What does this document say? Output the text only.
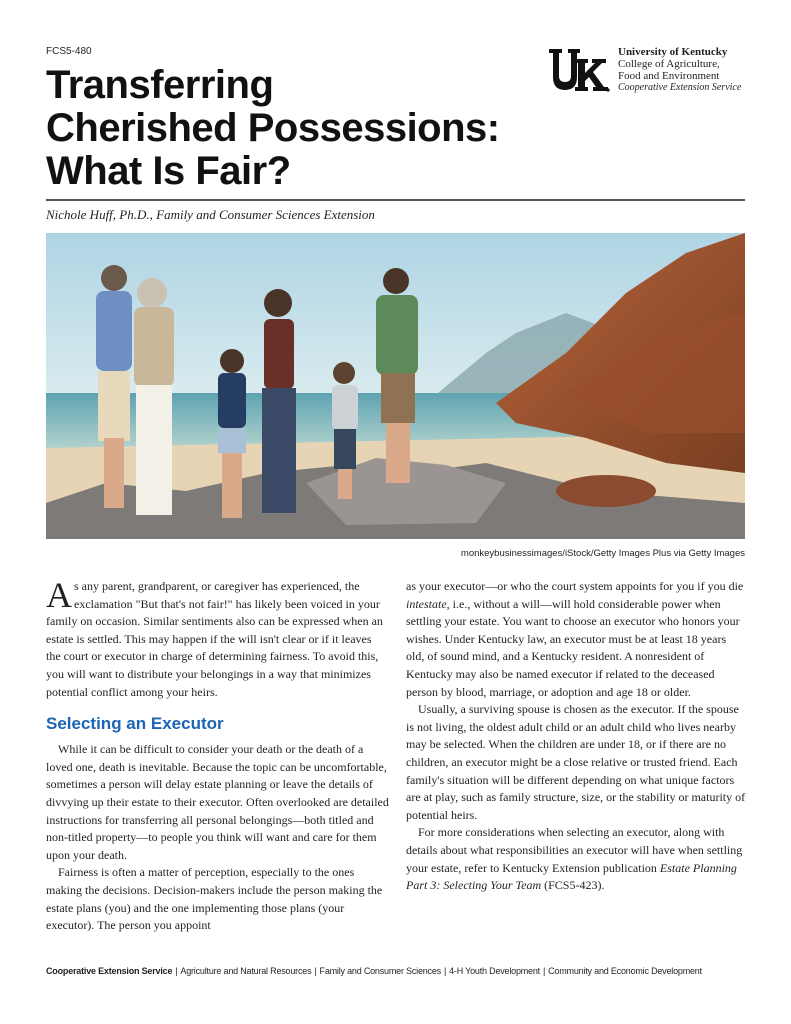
FCS5-480
Transferring
Cherished Possessions:
What Is Fair?
University of Kentucky
College of Agriculture,
Food and Environment
Cooperative Extension Service
Nichole Huff, Ph.D., Family and Consumer Sciences Extension
monkeybusinessimages/iStock/Getty Images Plus via Getty Images

As any parent, grandparent, or caregiver has experienced, the exclamation "But that's not fair!" has likely been voiced in your family on occasion. Similar sentiments also can be expressed when an estate is settled. This may happen if the will isn't clear or if it leaves the court or executor in charge of determining fairness. To avoid this, you will want to distribute your belongings in a way that minimizes potential conflict among your heirs.

Selecting an Executor

While it can be difficult to consider your death or the death of a loved one, death is inevitable. Because the topic can be uncomfortable, sometimes a person will delay estate planning or leave the details of divvying up their estate to their executor. Often overlooked are detailed instructions for transferring all personal belongings—both titled and non-titled property—to people you think will want and care for them upon your death.

Fairness is often a matter of perception, especially to the ones making the decisions. Decision-makers include the person making the estate plans (you) and the one implementing those plans (your executor). The person you appoint

as your executor—or who the court system appoints for you if you die intestate, i.e., without a will—will hold considerable power when settling your estate. You want to choose an executor who honors your wishes. Under Kentucky law, an executor must be at least 18 years old, of sound mind, and a Kentucky resident. A nonresident of Kentucky may also be named executor if related to the deceased person by blood, marriage, or adoption and age 18 or older.

Usually, a surviving spouse is chosen as the executor. If the spouse is not living, the oldest adult child or an adult child who lives nearby may be selected. When the children are under 18, or if there are no children, an executor might be a close relative or trusted friend. Each family's situation will be different depending on what unique factors are at play, such as family structure, size, or the stability or maturity of potential heirs.

For more considerations when selecting an executor, along with details about what responsibilities an executor will have when settling your estate, refer to Kentucky Extension publication Estate Planning Part 3: Selecting Your Team (FCS5-423).

Cooperative Extension Service | Agriculture and Natural Resources | Family and Consumer Sciences | 4-H Youth Development | Community and Economic Development
